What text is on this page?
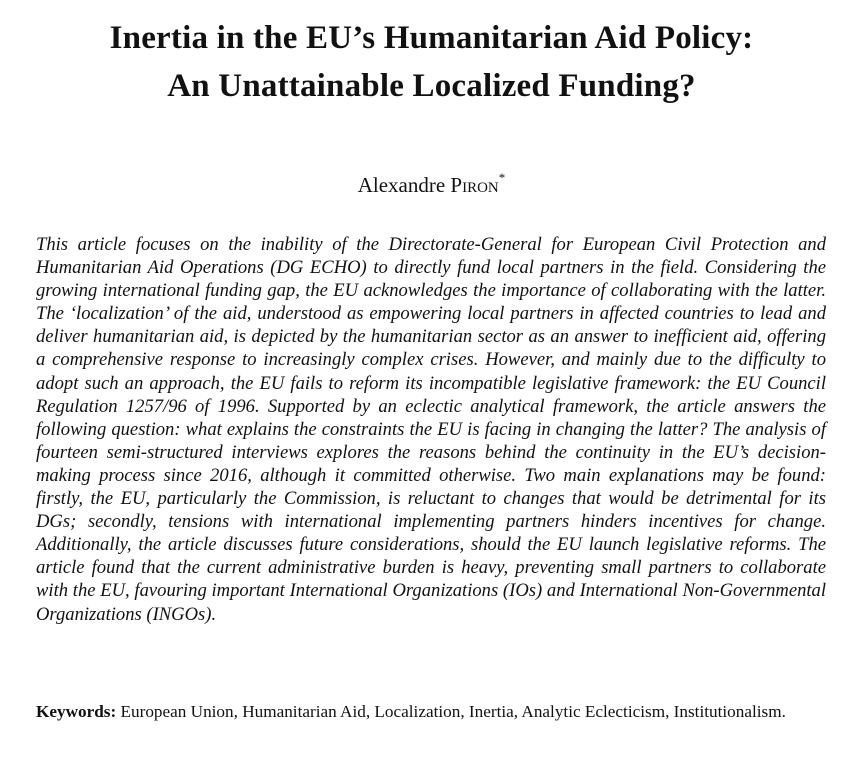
Inertia in the EU’s Humanitarian Aid Policy:
An Unattainable Localized Funding?
Alexandre Piron*

This article focuses on the inability of the Directorate-General for European Civil Protection and Humanitarian Aid Operations (DG ECHO) to directly fund local partners in the field. Considering the growing international funding gap, the EU acknowledges the importance of collaborating with the latter. The ‘localization’ of the aid, understood as empowering local partners in affected countries to lead and deliver humanitarian aid, is depicted by the humanitarian sector as an answer to inefficient aid, offering a comprehensive response to increasingly complex crises. However, and mainly due to the difficulty to adopt such an approach, the EU fails to reform its incompatible legislative framework: the EU Council Regulation 1257/96 of 1996. Supported by an eclectic analytical framework, the article answers the following question: what explains the constraints the EU is facing in changing the latter? The analysis of fourteen semi-structured interviews explores the reasons behind the continuity in the EU’s decision-making process since 2016, although it committed otherwise. Two main explanations may be found: firstly, the EU, particularly the Commission, is reluctant to changes that would be detrimental for its DGs; secondly, tensions with international implementing partners hinders incentives for change. Additionally, the article discusses future considerations, should the EU launch legislative reforms. The article found that the current administrative burden is heavy, preventing small partners to collaborate with the EU, favouring important International Organizations (IOs) and International Non-Governmental Organizations (INGOs).

Keywords: European Union, Humanitarian Aid, Localization, Inertia, Analytic Eclecticism, Institutionalism.
